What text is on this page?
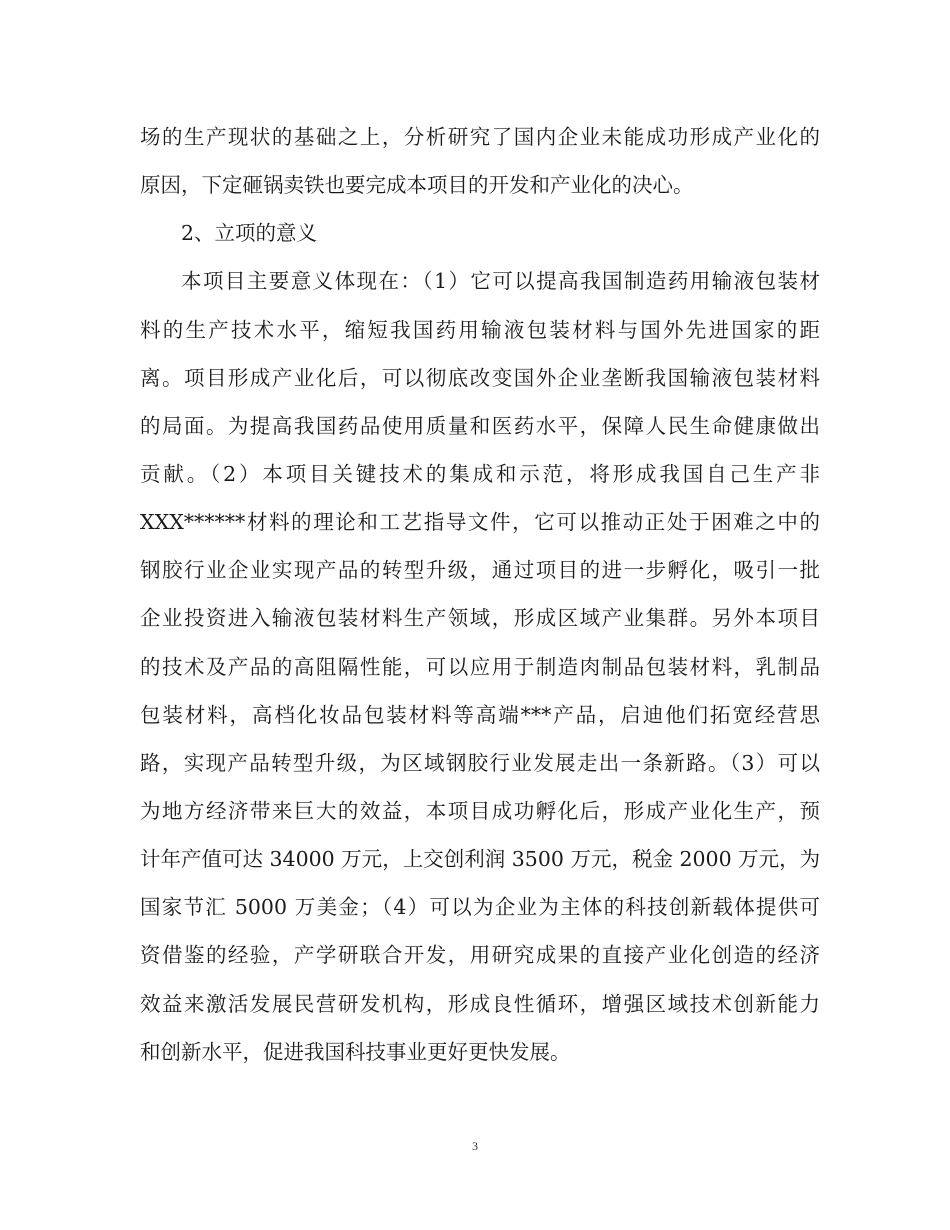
场的生产现状的基础之上，分析研究了国内企业未能成功形成产业化的
原因，下定砸锅卖铁也要完成本项目的开发和产业化的决心。
2、立项的意义
本项目主要意义体现在：（1）它可以提高我国制造药用输液包装材
料的生产技术水平，缩短我国药用输液包装材料与国外先进国家的距
离。项目形成产业化后，可以彻底改变国外企业垄断我国输液包装材料
的局面。为提高我国药品使用质量和医药水平，保障人民生命健康做出
贡献。（2）本项目关键技术的集成和示范，将形成我国自己生产非
XXX******材料的理论和工艺指导文件，它可以推动正处于困难之中的
钢胶行业企业实现产品的转型升级，通过项目的进一步孵化，吸引一批
企业投资进入输液包装材料生产领域，形成区域产业集群。另外本项目
的技术及产品的高阻隔性能，可以应用于制造肉制品包装材料，乳制品
包装材料，高档化妆品包装材料等高端***产品，启迪他们拓宽经营思
路，实现产品转型升级，为区域钢胶行业发展走出一条新路。（3）可以
为地方经济带来巨大的效益，本项目成功孵化后，形成产业化生产，预
计年产值可达 34000 万元，上交创利润 3500 万元，税金 2000 万元，为
国家节汇 5000 万美金；（4）可以为企业为主体的科技创新载体提供可
资借鉴的经验，产学研联合开发，用研究成果的直接产业化创造的经济
效益来激活发展民营研发机构，形成良性循环，增强区域技术创新能力
和创新水平，促进我国科技事业更好更快发展。
3
